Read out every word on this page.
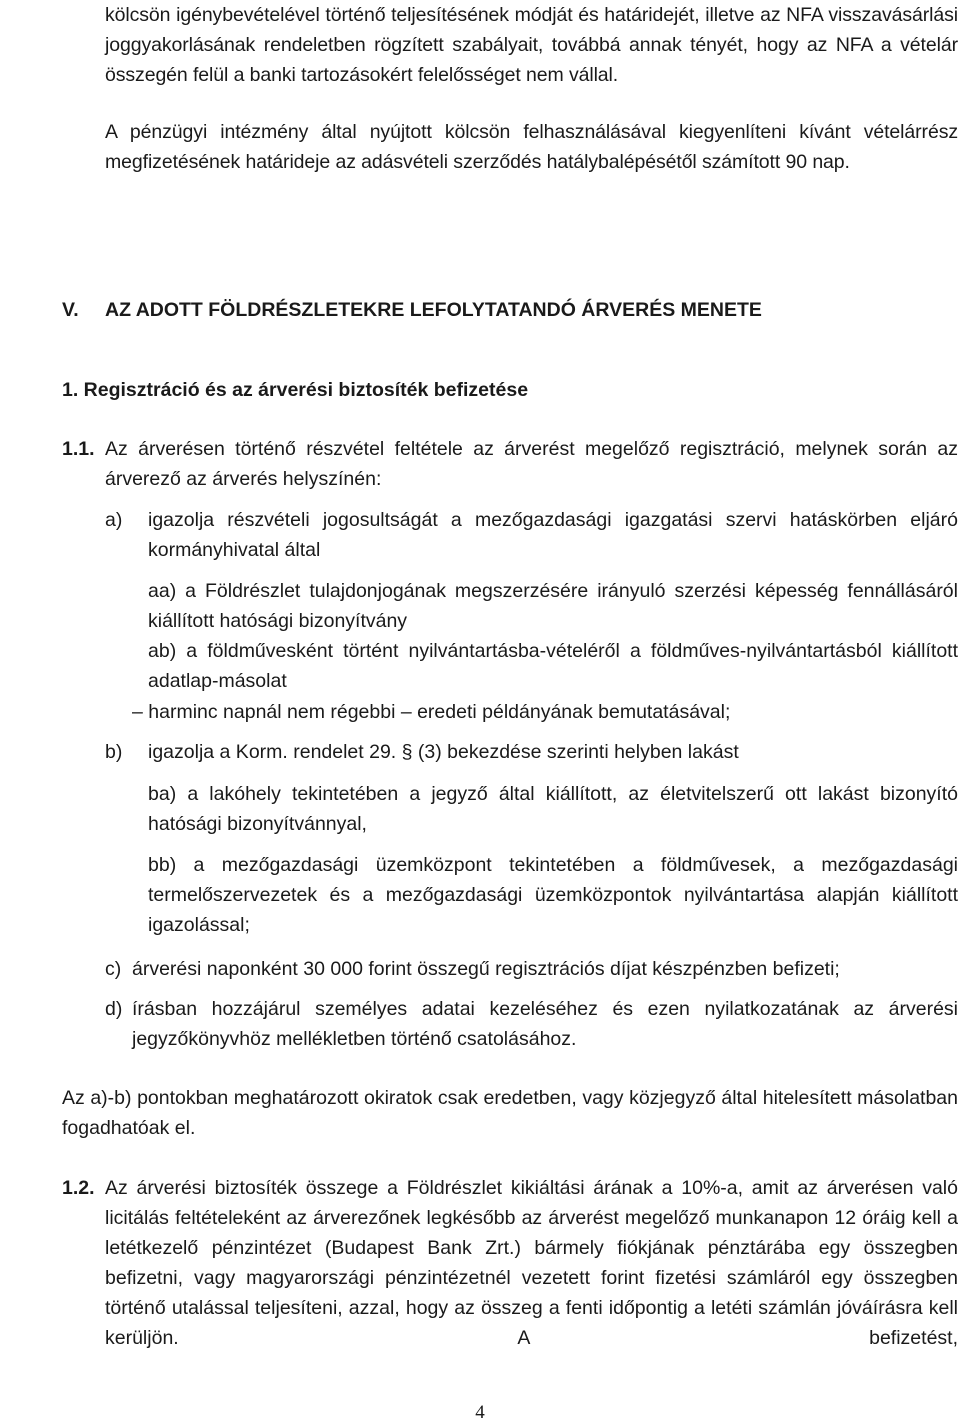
kölcsön igénybevételével történő teljesítésének módját és határidejét, illetve az NFA visszavásárlási joggyakorlásának rendeletben rögzített szabályait, továbbá annak tényét, hogy az NFA a vételár összegén felül a banki tartozásokért felelősséget nem vállal.

A pénzügyi intézmény által nyújtott kölcsön felhasználásával kiegyenlíteni kívánt vételárrész megfizetésének határideje az adásvételi szerződés hatálybalépésétől számított 90 nap.

V. AZ ADOTT FÖLDRÉSZLETEKRE LEFOLYTATANDÓ ÁRVERÉS MENETE
1. Regisztráció és az árverési biztosíték befizetése
1.1. Az árverésen történő részvétel feltétele az árverést megelőző regisztráció, melynek során az árverező az árverés helyszínén:

a) igazolja részvételi jogosultságát a mezőgazdasági igazgatási szervi hatáskörben eljáró kormányhivatal által

aa) a Földrészlet tulajdonjogának megszerzésére irányuló szerzési képesség fennállásáról kiállított hatósági bizonyítvány

ab) a földművesként történt nyilvántartásba-vételéről a földműves-nyilvántartásból kiállított adatlap-másolat

– harminc napnál nem régebbi – eredeti példányának bemutatásával;

b) igazolja a Korm. rendelet 29. § (3) bekezdése szerinti helyben lakást

ba) a lakóhely tekintetében a jegyző által kiállított, az életvitelszerű ott lakást bizonyító hatósági bizonyítvánnyal,

bb) a mezőgazdasági üzemközpont tekintetében a földművesek, a mezőgazdasági termelőszervezetek és a mezőgazdasági üzemközpontok nyilvántartása alapján kiállított igazolással;

c) árverési naponként 30 000 forint összegű regisztrációs díjat készpénzben befizeti;

d) írásban hozzájárul személyes adatai kezeléséhez és ezen nyilatkozatának az árverési jegyzőkönyvhöz mellékletben történő csatolásához.

Az a)-b) pontokban meghatározott okiratok csak eredetben, vagy közjegyző által hitelesített másolatban fogadhatóak el.

1.2. Az árverési biztosíték összege a Földrészlet kikiáltási árának a 10%-a, amit az árverésen való licitálás feltételeként az árverezőnek legkésőbb az árverést megelőző munkanapon 12 óráig kell a letétkezelő pénzintézet (Budapest Bank Zrt.) bármely fiókjának pénztárába egy összegben befizetni, vagy magyarországi pénzintézetnél vezetett forint fizetési számláról egy összegben történő utalással teljesíteni, azzal, hogy az összeg a fenti időpontig a letéti számlán jóváírásra kell kerüljön. A befizetést,

4
